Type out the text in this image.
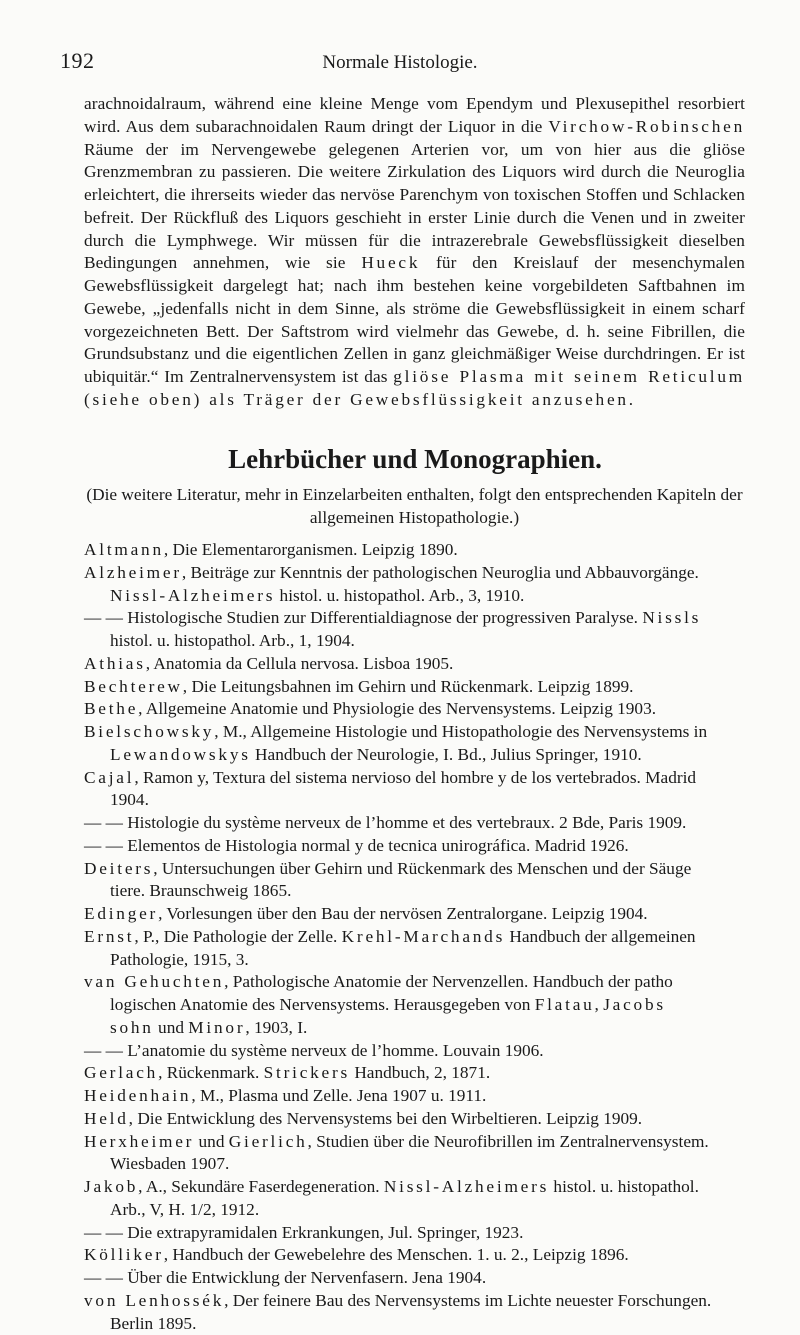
192	Normale Histologie.

arachnoidalraum, während eine kleine Menge vom Ependym und Plexusepithel resorbiert wird. Aus dem subarachnoidalen Raum dringt der Liquor in die Virchow-Robinschen Räume der im Nervengewebe gelegenen Arterien vor, um von hier aus die gliöse Grenzmembran zu passieren. Die weitere Zirkulation des Liquors wird durch die Neuroglia erleichtert, die ihrerseits wieder das nervöse Parenchym von toxischen Stoffen und Schlacken befreit. Der Rückfluß des Liquors geschieht in erster Linie durch die Venen und in zweiter durch die Lymphwege. Wir müssen für die intrazerebrale Gewebsflüssigkeit dieselben Bedingungen annehmen, wie sie Hueck für den Kreislauf der mesenchymalen Gewebsflüssigkeit dargelegt hat; nach ihm bestehen keine vorgebildeten Saftbahnen im Gewebe, „jedenfalls nicht in dem Sinne, als ströme die Gewebsflüssigkeit in einem scharf vorgezeichneten Bett. Der Saftstrom wird vielmehr das Gewebe, d. h. seine Fibrillen, die Grundsubstanz und die eigentlichen Zellen in ganz gleichmäßiger Weise durchdringen. Er ist ubiquitär.“ Im Zentralnervensystem ist das gliöse Plasma mit seinem Reticulum (siehe oben) als Träger der Gewebsflüssigkeit anzusehen.

Lehrbücher und Monographien.

(Die weitere Literatur, mehr in Einzelarbeiten enthalten, folgt den entsprechenden Kapiteln der allgemeinen Histopathologie.)

Altmann, Die Elementarorganismen. Leipzig 1890.
Alzheimer, Beiträge zur Kenntnis der pathologischen Neuroglia und Abbauvorgänge.
Nissl-Alzheimers histol. u. histopathol. Arb., 3, 1910.
— — Histologische Studien zur Differentialdiagnose der progressiven Paralyse. Nissls
histol. u. histopathol. Arb., 1, 1904.
Athias, Anatomia da Cellula nervosa. Lisboa 1905.
Bechterew, Die Leitungsbahnen im Gehirn und Rückenmark. Leipzig 1899.
Bethe, Allgemeine Anatomie und Physiologie des Nervensystems. Leipzig 1903.
Bielschowsky, M., Allgemeine Histologie und Histopathologie des Nervensystems in
Lewandowskys Handbuch der Neurologie, I. Bd., Julius Springer, 1910.
Cajal, Ramon y, Textura del sistema nervioso del hombre y de los vertebrados. Madrid
1904.
— — Histologie du système nerveux de l’homme et des vertebraux. 2 Bde, Paris 1909.
— — Elementos de Histologia normal y de tecnica unirográfica. Madrid 1926.
Deiters, Untersuchungen über Gehirn und Rückenmark des Menschen und der Säuge
tiere. Braunschweig 1865.
Edinger, Vorlesungen über den Bau der nervösen Zentralorgane. Leipzig 1904.
Ernst, P., Die Pathologie der Zelle. Krehl-Marchands Handbuch der allgemeinen
Pathologie, 1915, 3.
van Gehuchten, Pathologische Anatomie der Nervenzellen. Handbuch der patho
logischen Anatomie des Nervensystems. Herausgegeben von Flatau, Jacobs
sohn und Minor, 1903, I.
— — L’anatomie du système nerveux de l’homme. Louvain 1906.
Gerlach, Rückenmark. Strickers Handbuch, 2, 1871.
Heidenhain, M., Plasma und Zelle. Jena 1907 u. 1911.
Held, Die Entwicklung des Nervensystems bei den Wirbeltieren. Leipzig 1909.
Herxheimer und Gierlich, Studien über die Neurofibrillen im Zentralnervensystem.
Wiesbaden 1907.
Jakob, A., Sekundäre Faserdegeneration. Nissl-Alzheimers histol. u. histopathol.
Arb., V, H. 1/2, 1912.
— — Die extrapyramidalen Erkrankungen, Jul. Springer, 1923.
Kölliker, Handbuch der Gewebelehre des Menschen. 1. u. 2., Leipzig 1896.
— — Über die Entwicklung der Nervenfasern. Jena 1904.
von Lenhossék, Der feinere Bau des Nervensystems im Lichte neuester Forschungen.
Berlin 1895.
